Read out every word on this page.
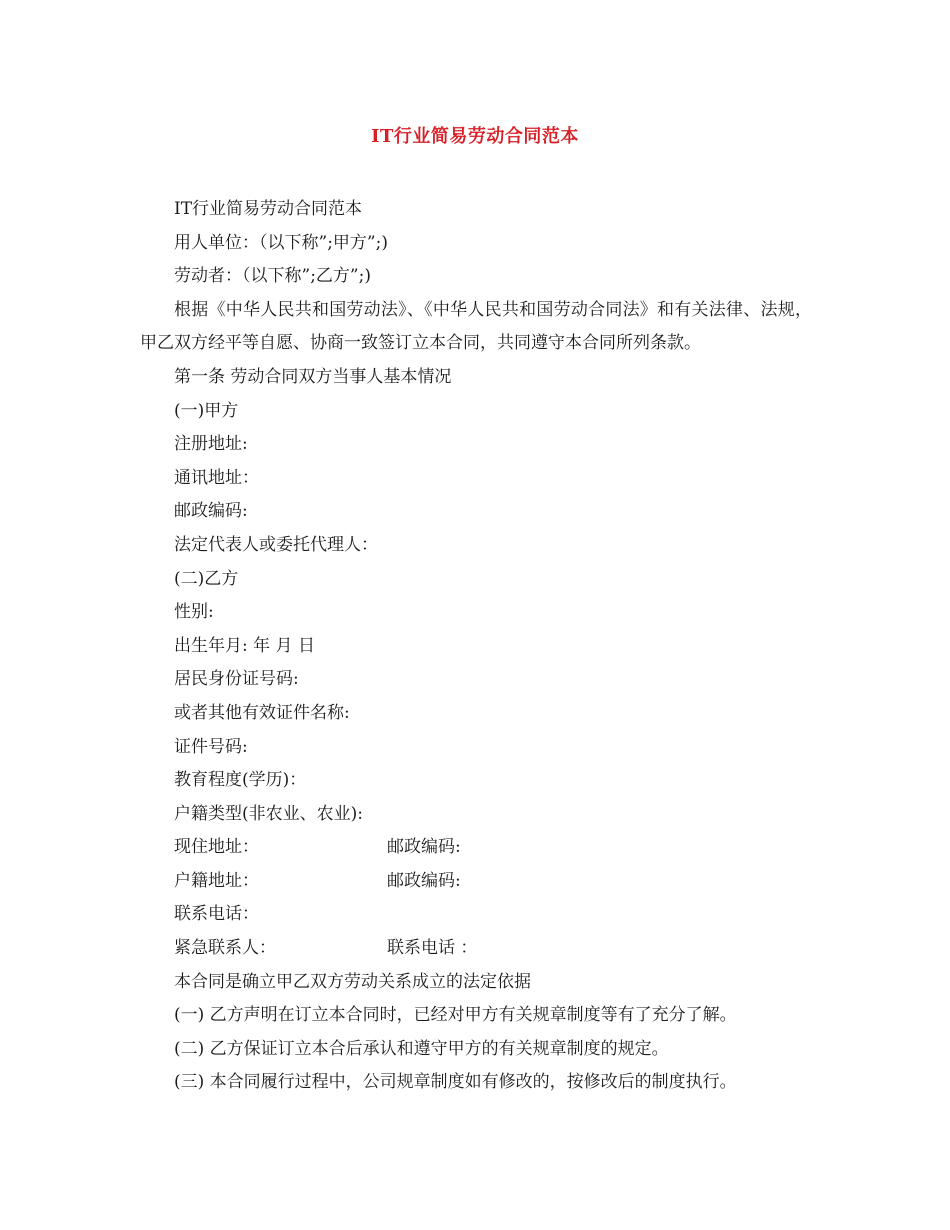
IT行业简易劳动合同范本

IT行业简易劳动合同范本

用人单位：（以下称”;甲方”;)

劳动者：（以下称”;乙方”;)

根据《中华人民共和国劳动法》、《中华人民共和国劳动合同法》和有关法律、法规，甲乙双方经平等自愿、协商一致签订立本合同，共同遵守本合同所列条款。

第一条 劳动合同双方当事人基本情况

(一)甲方

注册地址:

通讯地址：

邮政编码:

法定代表人或委托代理人：

(二)乙方

性别:

出生年月: 年 月 日

居民身份证号码:

或者其他有效证件名称:

证件号码:

教育程度(学历)：

户籍类型(非农业、农业):

现住地址：	邮政编码:

户籍地址：	邮政编码:

联系电话：

紧急联系人：	联系电话 ：

本合同是确立甲乙双方劳动关系成立的法定依据

(一) 乙方声明在订立本合同时，已经对甲方有关规章制度等有了充分了解。

(二) 乙方保证订立本合后承认和遵守甲方的有关规章制度的规定。

(三) 本合同履行过程中，公司规章制度如有修改的，按修改后的制度执行。
